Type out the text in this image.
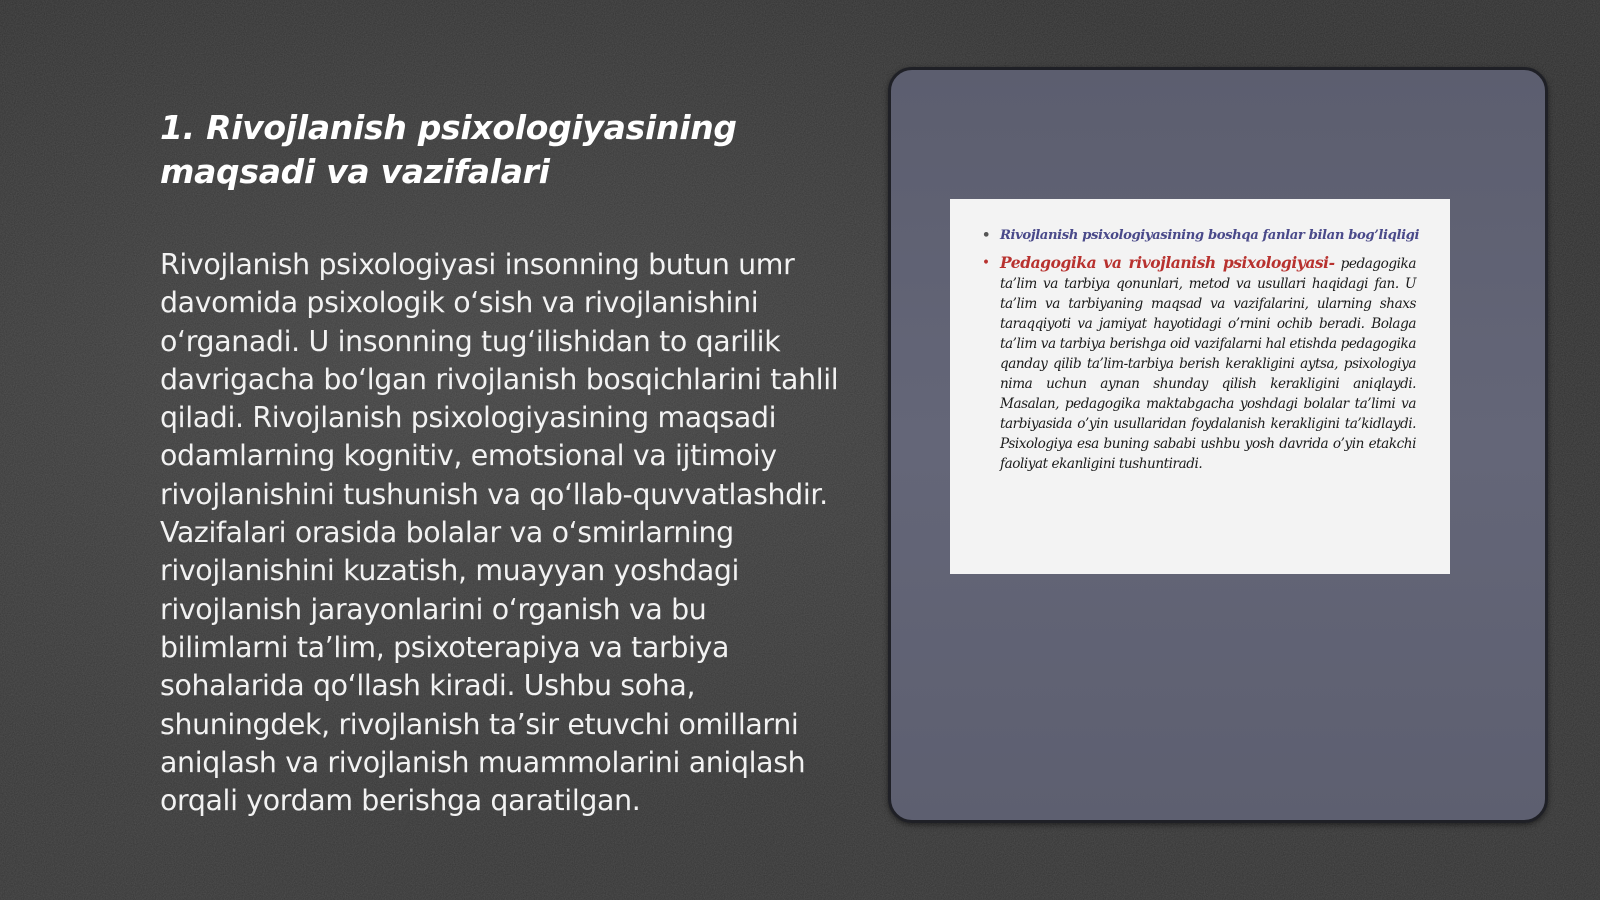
1. Rivojlanish psixologiyasining maqsadi va vazifalari

Rivojlanish psixologiyasi insonning butun umr davomida psixologik o‘sish va rivojlanishini o‘rganadi. U insonning tug‘ilishidan to qarilik davrigacha bo‘lgan rivojlanish bosqichlarini tahlil qiladi. Rivojlanish psixologiyasining maqsadi odamlarning kognitiv, emotsional va ijtimoiy rivojlanishini tushunish va qo‘llab-quvvatlashdir. Vazifalari orasida bolalar va o‘smirlarning rivojlanishini kuzatish, muayyan yoshdagi rivojlanish jarayonlarini o‘rganish va bu bilimlarni ta’lim, psixoterapiya va tarbiya sohalarida qo‘llash kiradi. Ushbu soha, shuningdek, rivojlanish ta’sir etuvchi omillarni aniqlash va rivojlanish muammolarini aniqlash orqali yordam berishga qaratilgan.

• Rivojlanish psixologiyasining boshqa fanlar bilan bog’liqligi
• Pedagogika va rivojlanish psixologiyasi- pedagogika ta’lim va tarbiya qonunlari, metod va usullari haqidagi fan. U ta’lim va tarbiyaning maqsad va vazifalarini, ularning shaxs taraqqiyoti va jamiyat hayotidagi o’rnini ochib beradi. Bolaga ta’lim va tarbiya berishga oid vazifalarni hal etishda pedagogika qanday qilib ta’lim-tarbiya berish kerakligini aytsa, psixologiya nima uchun aynan shunday qilish kerakligini aniqlaydi. Masalan, pedagogika maktabgacha yoshdagi bolalar ta’limi va tarbiyasida o’yin usullaridan foydalanish kerakligini ta’kidlaydi. Psixologiya esa buning sababi ushbu yosh davrida o’yin etakchi faoliyat ekanligini tushuntiradi.
